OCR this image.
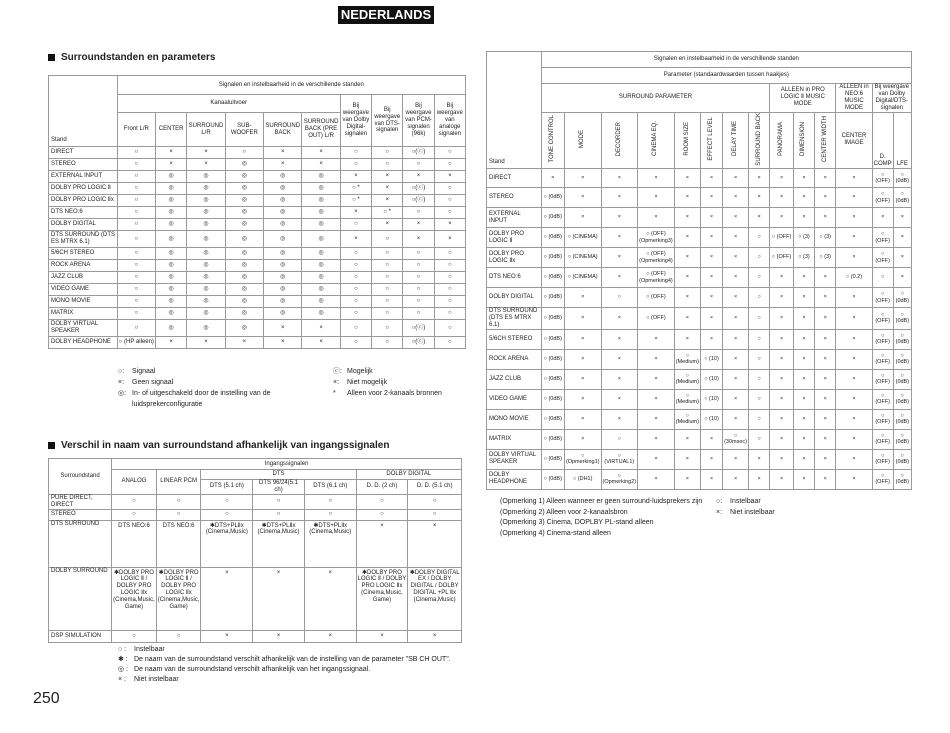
NEDERLANDS
Surroundstanden en parameters
Stand	Signalen en instelbaarheid in de verschillende standen									
	Kanaaluitvoer						Bij weergave van Dolby Digital-signalen	Bij weergave van DTS-signalen	Bij weergave van PCM-signalen (96k)	Bij weergave van analoge signalen
	Front L/R	CENTER	SURROUND L/R	SUB-WOOFER	SURROUND BACK	SURROUND BACK (PRE OUT) L/R				
DIRECT	○	×	×	○	×	×	○	○	○(ⓒ)	○
STEREO	○	×	×	◎	×	×	○	○	○	○
EXTERNAL INPUT	○	◎	◎	◎	◎	◎	×	×	×	×
DOLBY PRO LOGIC Ⅱ	○	◎	◎	◎	◎	◎	○ *	×	○(ⓒ)	○
DOLBY PRO LOGIC Ⅱx	○	◎	◎	◎	◎	◎	○ *	×	○(ⓒ)	○
DTS NEO:6	○	◎	◎	◎	◎	◎	×	○ *	○	○
DOLBY DIGITAL	○	◎	◎	◎	◎	◎	○	×	×	×
DTS SURROUND (DTS ES MTRX 6.1)	○	◎	◎	◎	◎	◎	×	○	×	×
5/6CH STEREO	○	◎	◎	◎	◎	◎	○	○	○	○
ROCK ARENA	○	◎	◎	◎	◎	◎	○	○	○	○
JAZZ CLUB	○	◎	◎	◎	◎	◎	○	○	○	○
VIDEO GAME	○	◎	◎	◎	◎	◎	○	○	○	○
MONO MOVIE	○	◎	◎	◎	◎	◎	○	○	○	○
MATRIX	○	◎	◎	◎	◎	◎	○	○	○	○
DOLBY VIRTUAL SPEAKER	○	◎	◎	◎	×	×	○	○	○(ⓒ)	○
DOLBY HEADPHONE	○ (HP alleen)	×	×	×	×	×	○	○	○(ⓒ)	○
○:	Signaal
×:	Geen signaal
◎: In- of uitgeschakeld door de instelling van de luidsprekerconfiguratie
ⓒ: Mogelijk
×:	Niet mogelijk
*	Alleen voor 2-kanaals bronnen
Verschil in naam van surroundstand afhankelijk van ingangssignalen
Surroundstand	Ingangssignalen						
	ANALOG	LINEAR PCM	DTS			DOLBY DIGITAL	
			DTS (5.1 ch)	DTS 96/24(5.1 ch)	DTS (6.1 ch)	D. D. (2 ch)	D. D. (5.1 ch)
PURE DIRECT, DIRECT	○	○	○	○	○	○	○
STEREO	○	○	○	○	○	○	○
DTS SURROUND	DTS NEO:6	DTS NEO:6	✱DTS+PLⅡx (Cinema,Music)	✱DTS+PLⅡx (Cinema,Music)	✱DTS+PLⅡx (Cinema,Music)	×	×
DOLBY SURROUND	✱DOLBY PRO LOGIC Ⅱ / DOLBY PRO LOGIC Ⅱx (Cinema,Music, Game)	✱DOLBY PRO LOGIC Ⅱ / DOLBY PRO LOGIC Ⅱx (Cinema,Music, Game)	×	×	×	✱DOLBY PRO LOGIC Ⅱ / DOLBY PRO LOGIC Ⅱx (Cinema,Music, Game)	✱DOLBY DIGITAL EX / DOLBY DIGITAL / DOLBY DIGITAL +PL Ⅱx (Cinema,Music)
DSP SIMULATION	○	○	×	×	×	×	×
○ :	Instelbaar
✱ : De naam van de surroundstand verschilt afhankelijk van de instelling van de parameter "SB CH OUT".
◎ : De naam van de surroundstand verschilt afhankelijk van het ingangssignaal.
× :	Niet instelbaar
Stand	Signalen en instelbaarheid in de verschillende standen													
	Parameter (standaardwaarden tussen haakjes)													
	SURROUND PARAMETER								ALLEEN in PRO LOGIC Ⅱ MUSIC MODE			ALLEEN in NEO:6 MUSIC MODE	Bij weergave van Dolby Digital/DTS-signalen	
	TONE CONTROL	MODE	DECORDER	CINEMA EQ.	ROOM SIZE	EFFECT LEVEL	DELAY TIME	SURROUND BACK	PANORAMA	DIMENSION	CENTER WIDTH	CENTER IMAGE	D. COMP	LFE
DIRECT	×	×	×	×	×	×	×	×	×	×	×	×	○ (OFF)	○ (0dB)
STEREO	○ (0dB)	×	×	×	×	×	×	×	×	×	×	×	○ (OFF)	○ (0dB)
EXTERNAL INPUT	○ (0dB)	×	×	×	×	×	×	×	×	×	×	×	×	×
DOLBY PRO LOGIC Ⅱ	○ (0dB)	○ (CINEMA)	×	○ (OFF) (Opmerking3)	×	×	×	○	○ (OFF)	○ (3)	○ (3)	×	○ (OFF)	×
DOLBY PRO LOGIC Ⅱx	○ (0dB)	○ (CINEMA)	×	○ (OFF) (Opmerking4)	×	×	×	○	○ (OFF)	○ (3)	○ (3)	×	○ (OFF)	×
DTS NEO:6	○ (0dB)	○ (CINEMA)	×	○ (OFF) (Opmerking4)	×	×	×	○	×	×	×	○ (0.2)	○	×
DOLBY DIGITAL	○ (0dB)	×	○	○ (OFF)	×	×	×	○	×	×	×	×	○ (OFF)	○ (0dB)
DTS SURROUND (DTS ES MTRX 6.1)	○ (0dB)	×	×	○ (OFF)	×	×	×	○	×	×	×	×	○ (OFF)	○ (0dB)
5/6CH STEREO	○ (0dB)	×	×	×	×	×	×	○	×	×	×	×	○ (OFF)	○ (0dB)
ROCK ARENA	○ (0dB)	×	×	×	○ (Medium)	○ (10)	×	○	×	×	×	×	○ (OFF)	○ (0dB)
JAZZ CLUB	○ (0dB)	×	×	×	○ (Medium)	○ (10)	×	○	×	×	×	×	○ (OFF)	○ (0dB)
VIDEO GAME	○ (0dB)	×	×	×	○ (Medium)	○ (10)	×	○	×	×	×	×	○ (OFF)	○ (0dB)
MONO MOVIE	○ (0dB)	×	×	×	○ (Medium)	○ (10)	×	○	×	×	×	×	○ (OFF)	○ (0dB)
MATRIX	○ (0dB)	×	○	×	×	×	○ (30msec)	○	×	×	×	×	○ (OFF)	○ (0dB)
DOLBY VIRTUAL SPEAKER	○ (0dB)	○ (Opmerking1)	○ (VIRTUAL1)	×	×	×	×	×	×	×	×	×	○ (OFF)	○ (0dB)
DOLBY HEADPHONE	○ (0dB)	○ (DH1)	○ (Opmerking2)	×	×	×	×	×	×	×	×	×	○ (OFF)	○ (0dB)
(Opmerking 1) Alleen wanneer er geen surround-luidsprekers zijn
(Opmerking 2) Alleen voor 2-kanaalsbron
(Opmerking 3) Cinema, DOPLBY PL-stand alleen
(Opmerking 4) Cinema-stand alleen
○:	Instelbaar
×:	Niet instelbaar
250
